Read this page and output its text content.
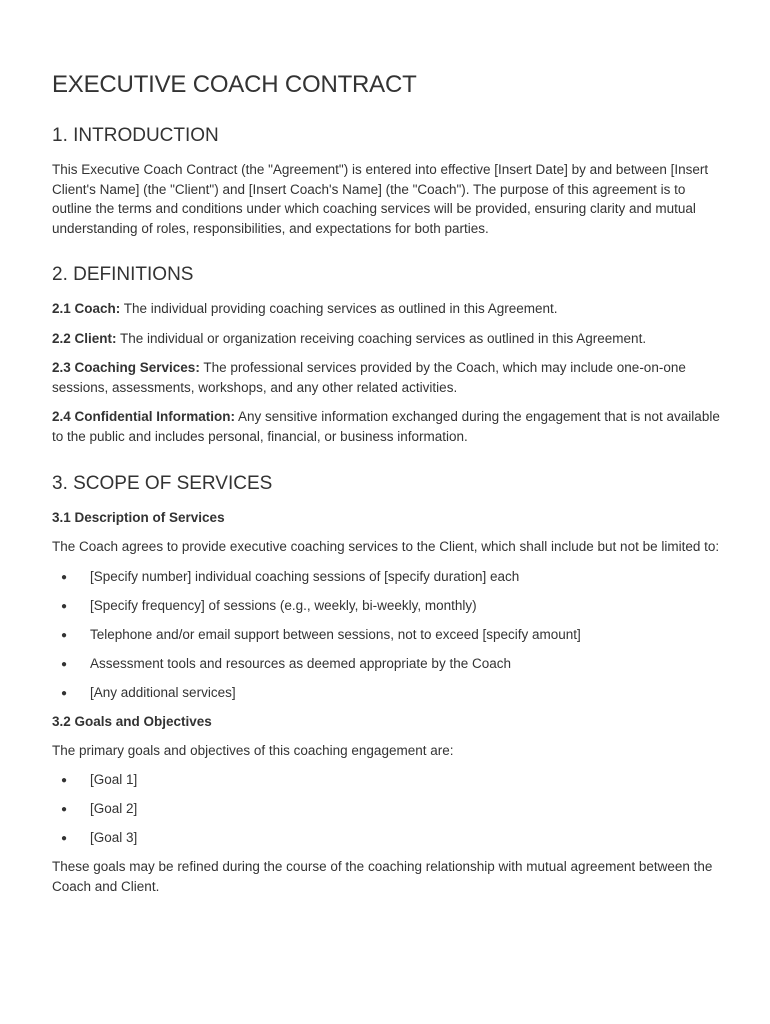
EXECUTIVE COACH CONTRACT
1. INTRODUCTION

This Executive Coach Contract (the "Agreement") is entered into effective [Insert Date] by and between [Insert Client's Name] (the "Client") and [Insert Coach's Name] (the "Coach"). The purpose of this agreement is to outline the terms and conditions under which coaching services will be provided, ensuring clarity and mutual understanding of roles, responsibilities, and expectations for both parties.

2. DEFINITIONS

2.1 Coach: The individual providing coaching services as outlined in this Agreement.

2.2 Client: The individual or organization receiving coaching services as outlined in this Agreement.

2.3 Coaching Services: The professional services provided by the Coach, which may include one-on-one sessions, assessments, workshops, and any other related activities.

2.4 Confidential Information: Any sensitive information exchanged during the engagement that is not available to the public and includes personal, financial, or business information.

3. SCOPE OF SERVICES
3.1 Description of Services

The Coach agrees to provide executive coaching services to the Client, which shall include but not be limited to:

● [Specify number] individual coaching sessions of [specify duration] each
● [Specify frequency] of sessions (e.g., weekly, bi-weekly, monthly)
● Telephone and/or email support between sessions, not to exceed [specify amount]
● Assessment tools and resources as deemed appropriate by the Coach
● [Any additional services]
3.2 Goals and Objectives

The primary goals and objectives of this coaching engagement are:

● [Goal 1]
● [Goal 2]
● [Goal 3]

These goals may be refined during the course of the coaching relationship with mutual agreement between the Coach and Client.
